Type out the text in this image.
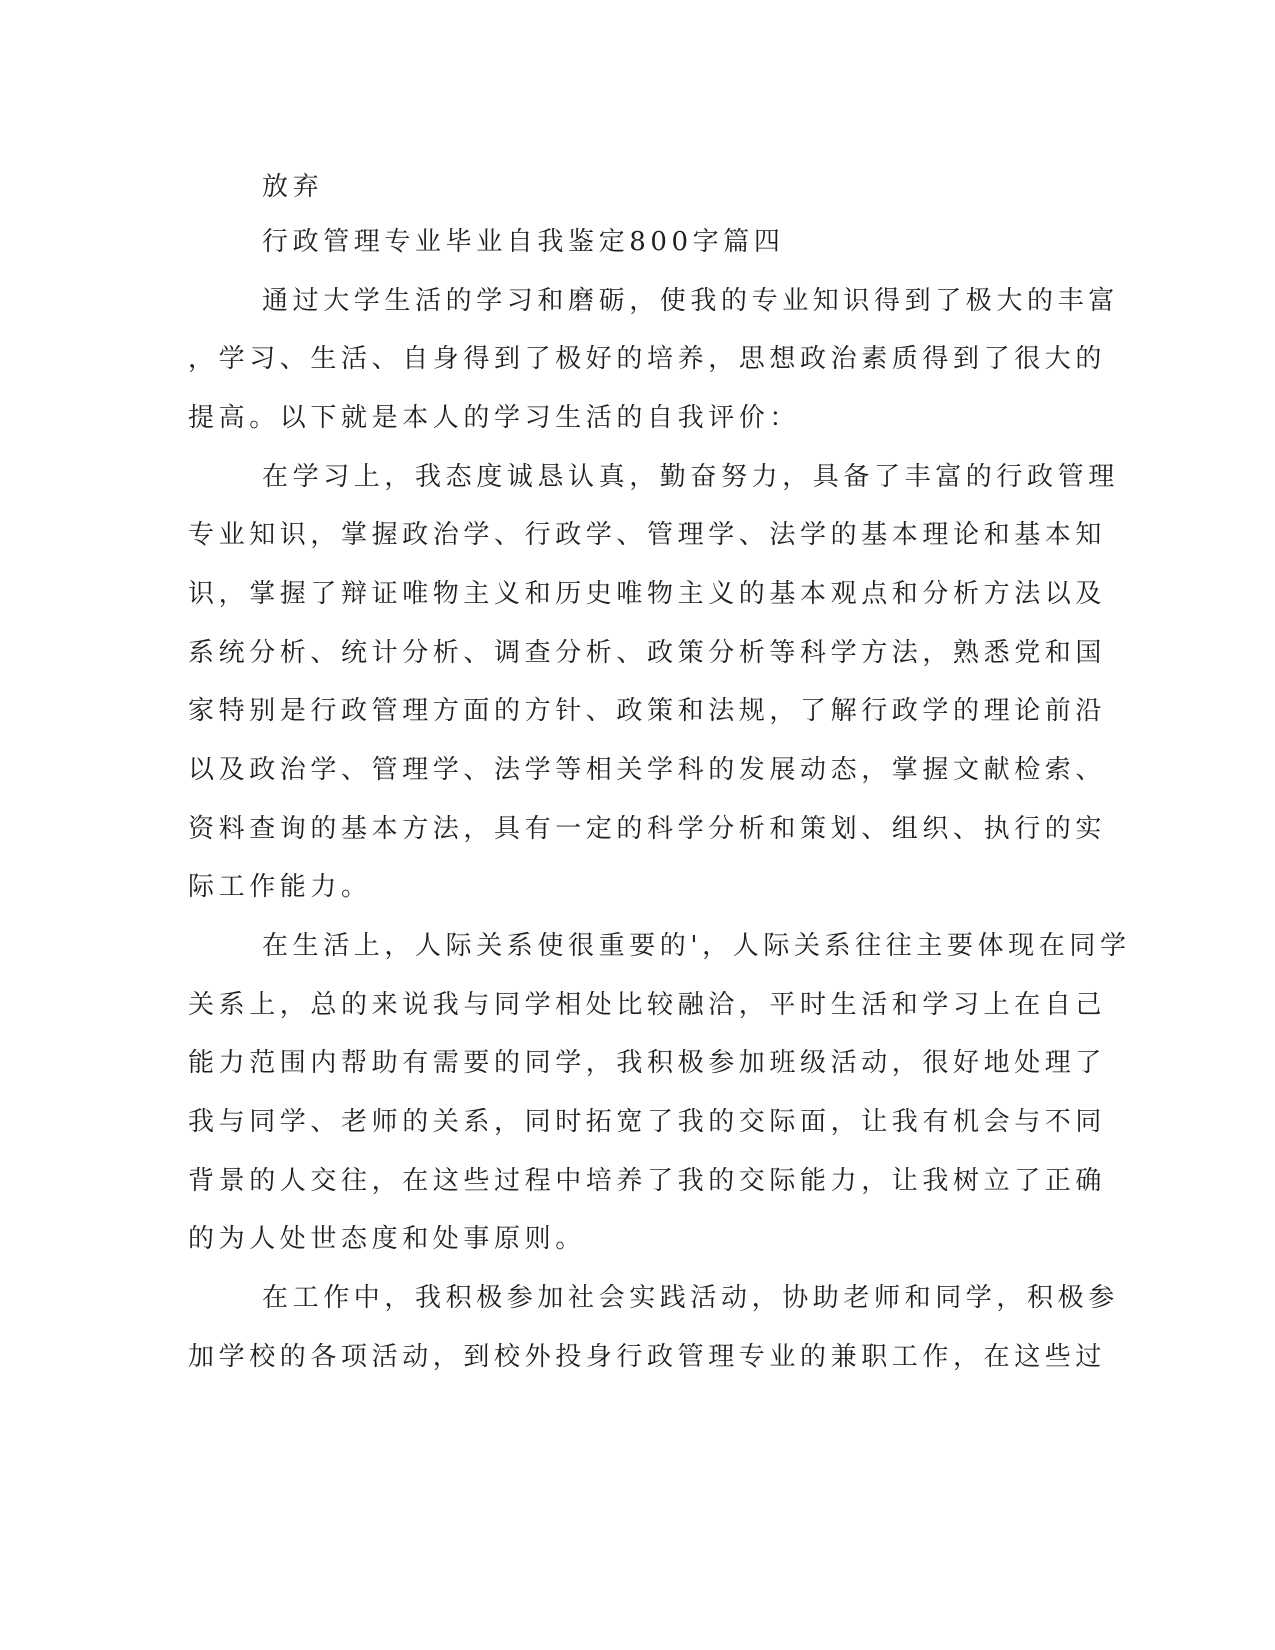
放弃

行政管理专业毕业自我鉴定800字篇四

通过大学生活的学习和磨砺，使我的专业知识得到了极大的丰富

，学习、生活、自身得到了极好的培养，思想政治素质得到了很大的

提高。以下就是本人的学习生活的自我评价：

在学习上，我态度诚恳认真，勤奋努力，具备了丰富的行政管理

专业知识，掌握政治学、行政学、管理学、法学的基本理论和基本知

识，掌握了辩证唯物主义和历史唯物主义的基本观点和分析方法以及

系统分析、统计分析、调查分析、政策分析等科学方法，熟悉党和国

家特别是行政管理方面的方针、政策和法规，了解行政学的理论前沿

以及政治学、管理学、法学等相关学科的发展动态，掌握文献检索、

资料查询的基本方法，具有一定的科学分析和策划、组织、执行的实

际工作能力。

在生活上，人际关系使很重要的'，人际关系往往主要体现在同学

关系上，总的来说我与同学相处比较融洽，平时生活和学习上在自己

能力范围内帮助有需要的同学，我积极参加班级活动，很好地处理了

我与同学、老师的关系，同时拓宽了我的交际面，让我有机会与不同

背景的人交往，在这些过程中培养了我的交际能力，让我树立了正确

的为人处世态度和处事原则。

在工作中，我积极参加社会实践活动，协助老师和同学，积极参

加学校的各项活动，到校外投身行政管理专业的兼职工作，在这些过
